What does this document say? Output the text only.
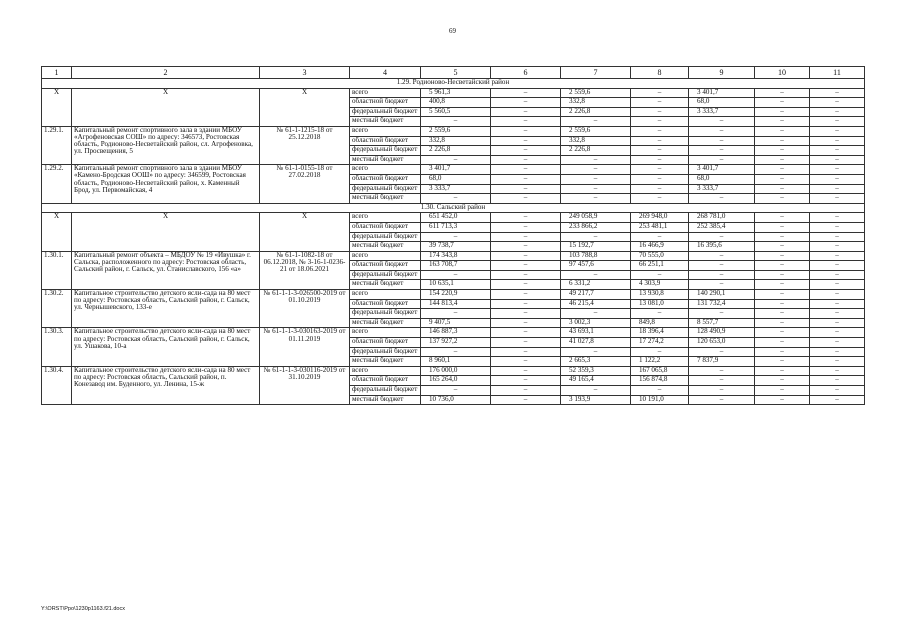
69
1	2	3	4	5	6	7	8	9	10	11
1.29. Родионово-Несветайский район										
Х	Х	Х	всего	5 961,3	–	2 559,6	–	3 401,7	–	–
			областной бюджет	400,8	–	332,8	–	68,0	–	–
			федеральный бюджет	5 560,5	–	2 226,8	–	3 333,7	–	–
			местный бюджет	–	–	–	–	–	–	–
1.29.1.	Капитальный ремонт спортивного зала в здании МБОУ «Агрофеновская СОШ» по адресу: 346573, Ростовская область, Родионово-Несветайский район, сл. Агрофеновка, ул. Просвещения, 5	№ 61-1-1215-18 от 25.12.2018	всего	2 559,6	–	2 559,6	–	–	–	–
			областной бюджет	332,8	–	332,8	–	–	–	–
			федеральный бюджет	2 226,8	–	2 226,8	–	–	–	–
			местный бюджет	–	–	–	–	–	–	–
1.29.2.	Капитальный ремонт спортивного зала в здании МБОУ «Камено-Бродская ООШ» по адресу: 346599, Ростовская область, Родионово-Несветайский район, х. Каменный Брод, ул. Первомайская, 4	№ 61-1-0155-18 от 27.02.2018	всего	3 401,7	–	–	–	3 401,7	–	–
			областной бюджет	68,0	–	–	–	68,0	–	–
			федеральный бюджет	3 333,7	–	–	–	3 333,7	–	–
			местный бюджет	–	–	–	–	–	–	–
1.30. Сальский район										
Х	Х	Х	всего	651 452,0	–	249 058,9	269 948,0	268 781,0	–	–
			областной бюджет	611 713,3	–	233 866,2	253 481,1	252 385,4	–	–
			федеральный бюджет	–	–	–	–	–	–	–
			местный бюджет	39 738,7	–	15 192,7	16 466,9	16 395,6	–	–
1.30.1.	Капитальный ремонт объекта – МБДОУ № 19 «Ивушка» г. Сальска, расположенного по адресу: Ростовская область, Сальский район, г. Сальск, ул. Станиславского, 156 «а»	№ 61-1-1082-18 от 06.12.2018, № 3-16-1-0236-21 от 18.06.2021	всего	174 343,8	–	103 788,8	70 555,0	–	–	–
			областной бюджет	163 708,7	–	97 457,6	66 251,1	–	–	–
			федеральный бюджет	–	–	–	–	–	–	–
			местный бюджет	10 635,1	–	6 331,2	4 303,9	–	–	–
1.30.2.	Капитальное строительство детского ясли-сада на 80 мест по адресу: Ростовская область, Сальский район, г. Сальск, ул. Чернышевского, 133-е	№ 61-1-1-3-026500-2019 от 01.10.2019	всего	154 220,9	–	49 217,7	13 930,8	140 290,1	–	–
			областной бюджет	144 813,4	–	46 215,4	13 081,0	131 732,4	–	–
			федеральный бюджет	–	–	–	–	–	–	–
			местный бюджет	9 407,5	–	3 002,3	849,8	8 557,7	–	–
1.30.3.	Капитальное строительство детского ясли-сада на 80 мест по адресу: Ростовская область, Сальский район, г. Сальск, ул. Ушакова, 10-а	№ 61-1-1-3-030163-2019 от 01.11.2019	всего	146 887,3	–	43 693,1	18 396,4	128 490,9	–	–
			областной бюджет	137 927,2	–	41 027,8	17 274,2	120 653,0	–	–
			федеральный бюджет	–	–	–	–	–	–	–
			местный бюджет	8 960,1	–	2 665,3	1 122,2	7 837,9	–	–
1.30.4.	Капитальное строительство детского ясли-сада на 80 мест по адресу: Ростовская область, Сальский район, п. Конезавод им. Буденного, ул. Ленина, 15-ж	№ 61-1-1-3-030116-2019 от 31.10.2019	всего	176 000,0	–	52 359,3	167 065,8	–	–	–
			областной бюджет	165 264,0	–	49 165,4	156 874,8	–	–	–
			федеральный бюджет	–	–	–	–	–	–	–
			местный бюджет	10 736,0	–	3 193,9	10 191,0	–	–	–
Y:\ORST\Ppo\1230p1163.f21.docx
